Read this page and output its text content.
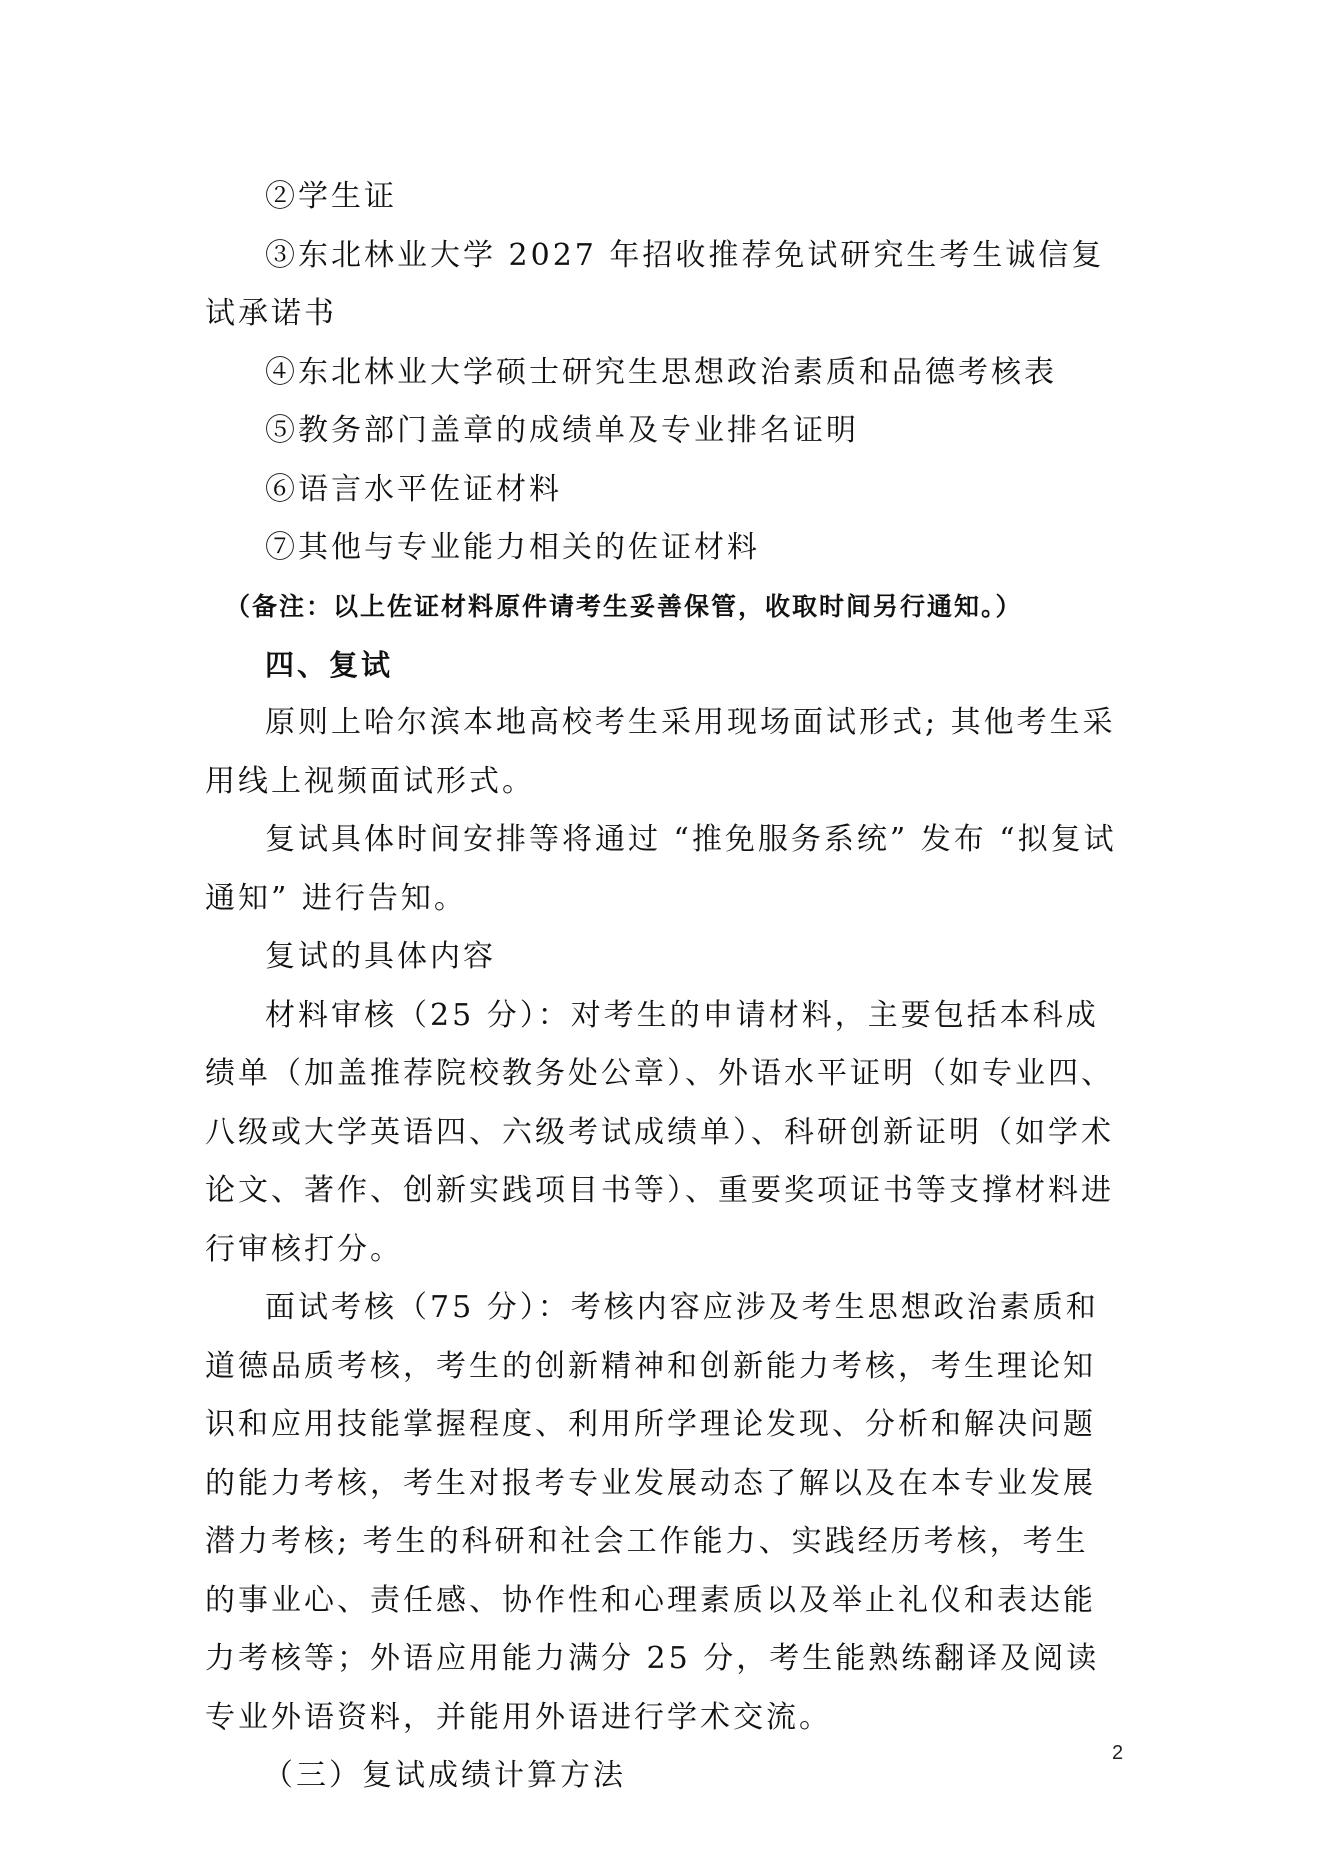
②学生证

③东北林业大学 2027 年招收推荐免试研究生考生诚信复试承诺书

④东北林业大学硕士研究生思想政治素质和品德考核表

⑤教务部门盖章的成绩单及专业排名证明

⑥语言水平佐证材料

⑦其他与专业能力相关的佐证材料

（备注：以上佐证材料原件请考生妥善保管，收取时间另行通知。）

四、复试

原则上哈尔滨本地高校考生采用现场面试形式; 其他考生采用线上视频面试形式。

复试具体时间安排等将通过 “推免服务系统” 发布 “拟复试通知” 进行告知。

复试的具体内容

材料审核（25 分）：对考生的申请材料，主要包括本科成绩单（加盖推荐院校教务处公章）、外语水平证明（如专业四、八级或大学英语四、六级考试成绩单）、科研创新证明（如学术论文、著作、创新实践项目书等）、重要奖项证书等支撑材料进行审核打分。

面试考核（75 分）：考核内容应涉及考生思想政治素质和道德品质考核，考生的创新精神和创新能力考核，考生理论知识和应用技能掌握程度、利用所学理论发现、分析和解决问题的能力考核，考生对报考专业发展动态了解以及在本专业发展潜力考核; 考生的科研和社会工作能力、实践经历考核，考生的事业心、责任感、协作性和心理素质以及举止礼仪和表达能力考核等；外语应用能力满分 25 分，考生能熟练翻译及阅读专业外语资料，并能用外语进行学术交流。

（三）复试成绩计算方法

2
